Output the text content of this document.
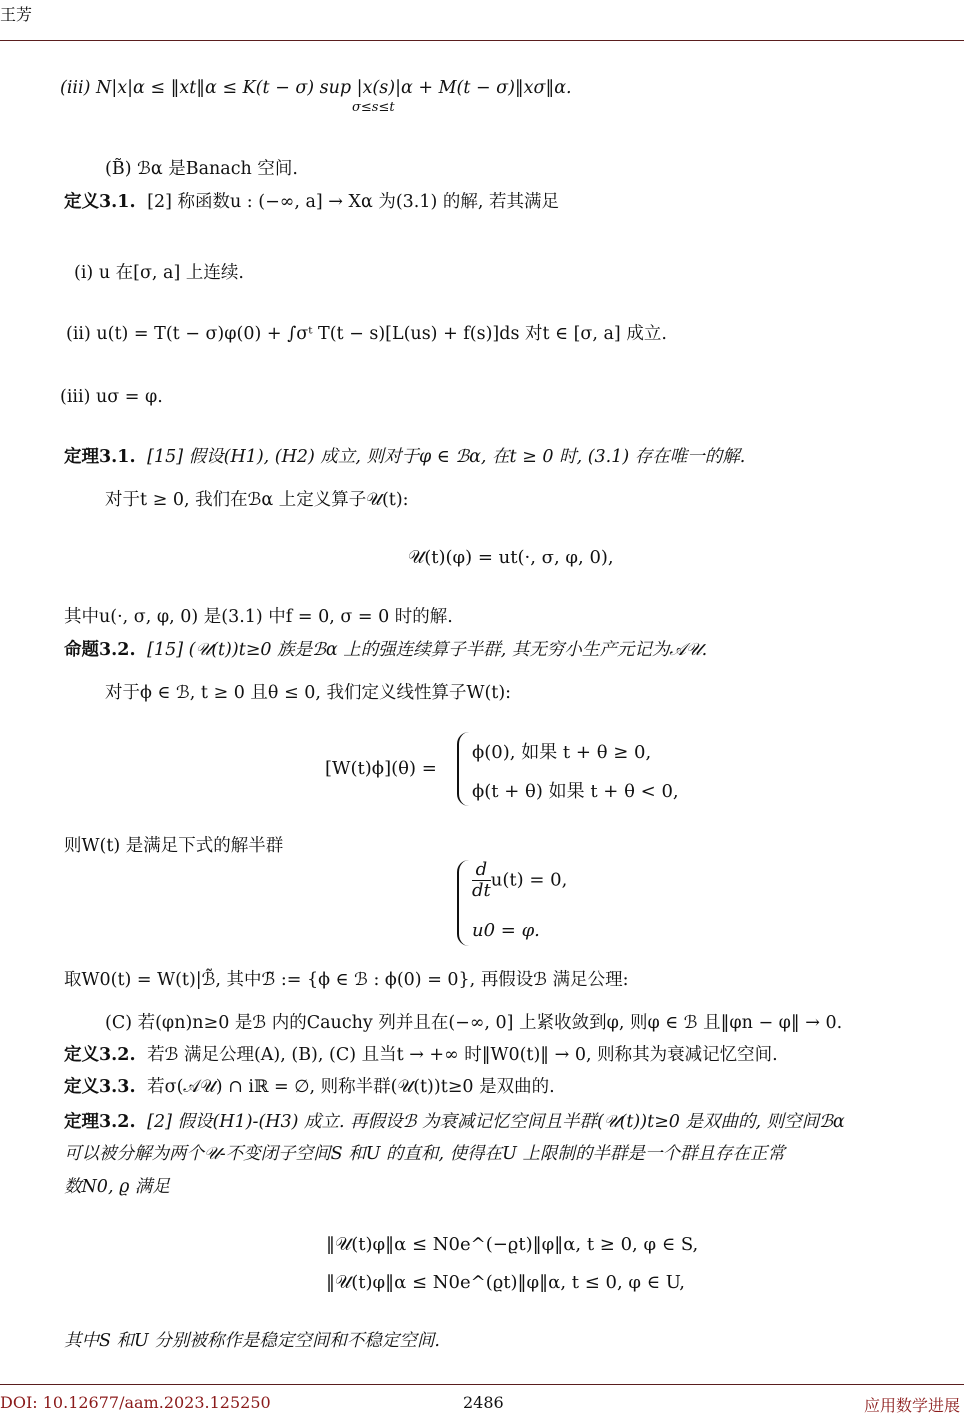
王芳
(iii) N|x|α ≤ ‖xt‖α ≤ K(t − σ) sup |x(s)|α + M(t − σ)‖xσ‖α.
σ≤s≤t
(B̃) ℬα 是Banach 空间.
定义3.1. [2] 称函数u : (−∞, a] → Xα 为(3.1) 的解, 若其满足
(i) u 在[σ, a] 上连续.
(ii) u(t) = T(t − σ)φ(0) + ∫σᵗ T(t − s)[L(us) + f(s)]ds 对t ∈ [σ, a] 成立.
(iii) uσ = φ.
定理3.1. [15] 假设(H1), (H2) 成立, 则对于φ ∈ ℬα, 在t ≥ 0 时, (3.1) 存在唯一的解.
对于t ≥ 0, 我们在ℬα 上定义算子𝒰(t):
𝒰(t)(φ) = ut(·, σ, φ, 0),
其中u(·, σ, φ, 0) 是(3.1) 中f = 0, σ = 0 时的解.
命题3.2. [15] (𝒰(t))t≥0 族是ℬα 上的强连续算子半群, 其无穷小生产元记为𝒜𝒰.
对于ϕ ∈ ℬ, t ≥ 0 且θ ≤ 0, 我们定义线性算子W(t):
[W(t)ϕ](θ) =
ϕ(0), 如果 t + θ ≥ 0,
ϕ(t + θ) 如果 t + θ < 0,
则W(t) 是满足下式的解半群
$\frac{d}{dt} u(t) = 0$,
u0 = φ.
取W0(t) = W(t)|ℬ̃, 其中ℬ̃ := {ϕ ∈ ℬ : ϕ(0) = 0}, 再假设ℬ 满足公理:
(C) 若(φn)n≥0 是ℬ 内的Cauchy 列并且在(−∞, 0] 上紧收敛到φ, 则φ ∈ ℬ 且‖φn − φ‖ → 0.
定义3.2. 若ℬ 满足公理(A), (B), (C) 且当t → +∞ 时‖W0(t)‖ → 0, 则称其为衰减记忆空间.
定义3.3. 若σ(𝒜𝒰) ∩ iℝ = ∅, 则称半群(𝒰(t))t≥0 是双曲的.
定理3.2. [2] 假设(H1)-(H3) 成立. 再假设ℬ 为衰减记忆空间且半群(𝒰(t))t≥0 是双曲的, 则空间ℬα
可以被分解为两个𝒰-不变闭子空间S 和U 的直和, 使得在U 上限制的半群是一个群且存在正常
数N0, ϱ 满足
‖𝒰(t)φ‖α ≤ N0e^(−ϱt)‖φ‖α, t ≥ 0, φ ∈ S,
‖𝒰(t)φ‖α ≤ N0e^(ϱt)‖φ‖α, t ≤ 0, φ ∈ U,
其中S 和U 分别被称作是稳定空间和不稳定空间.
DOI: 10.12677/aam.2023.125250	2486	应用数学进展
